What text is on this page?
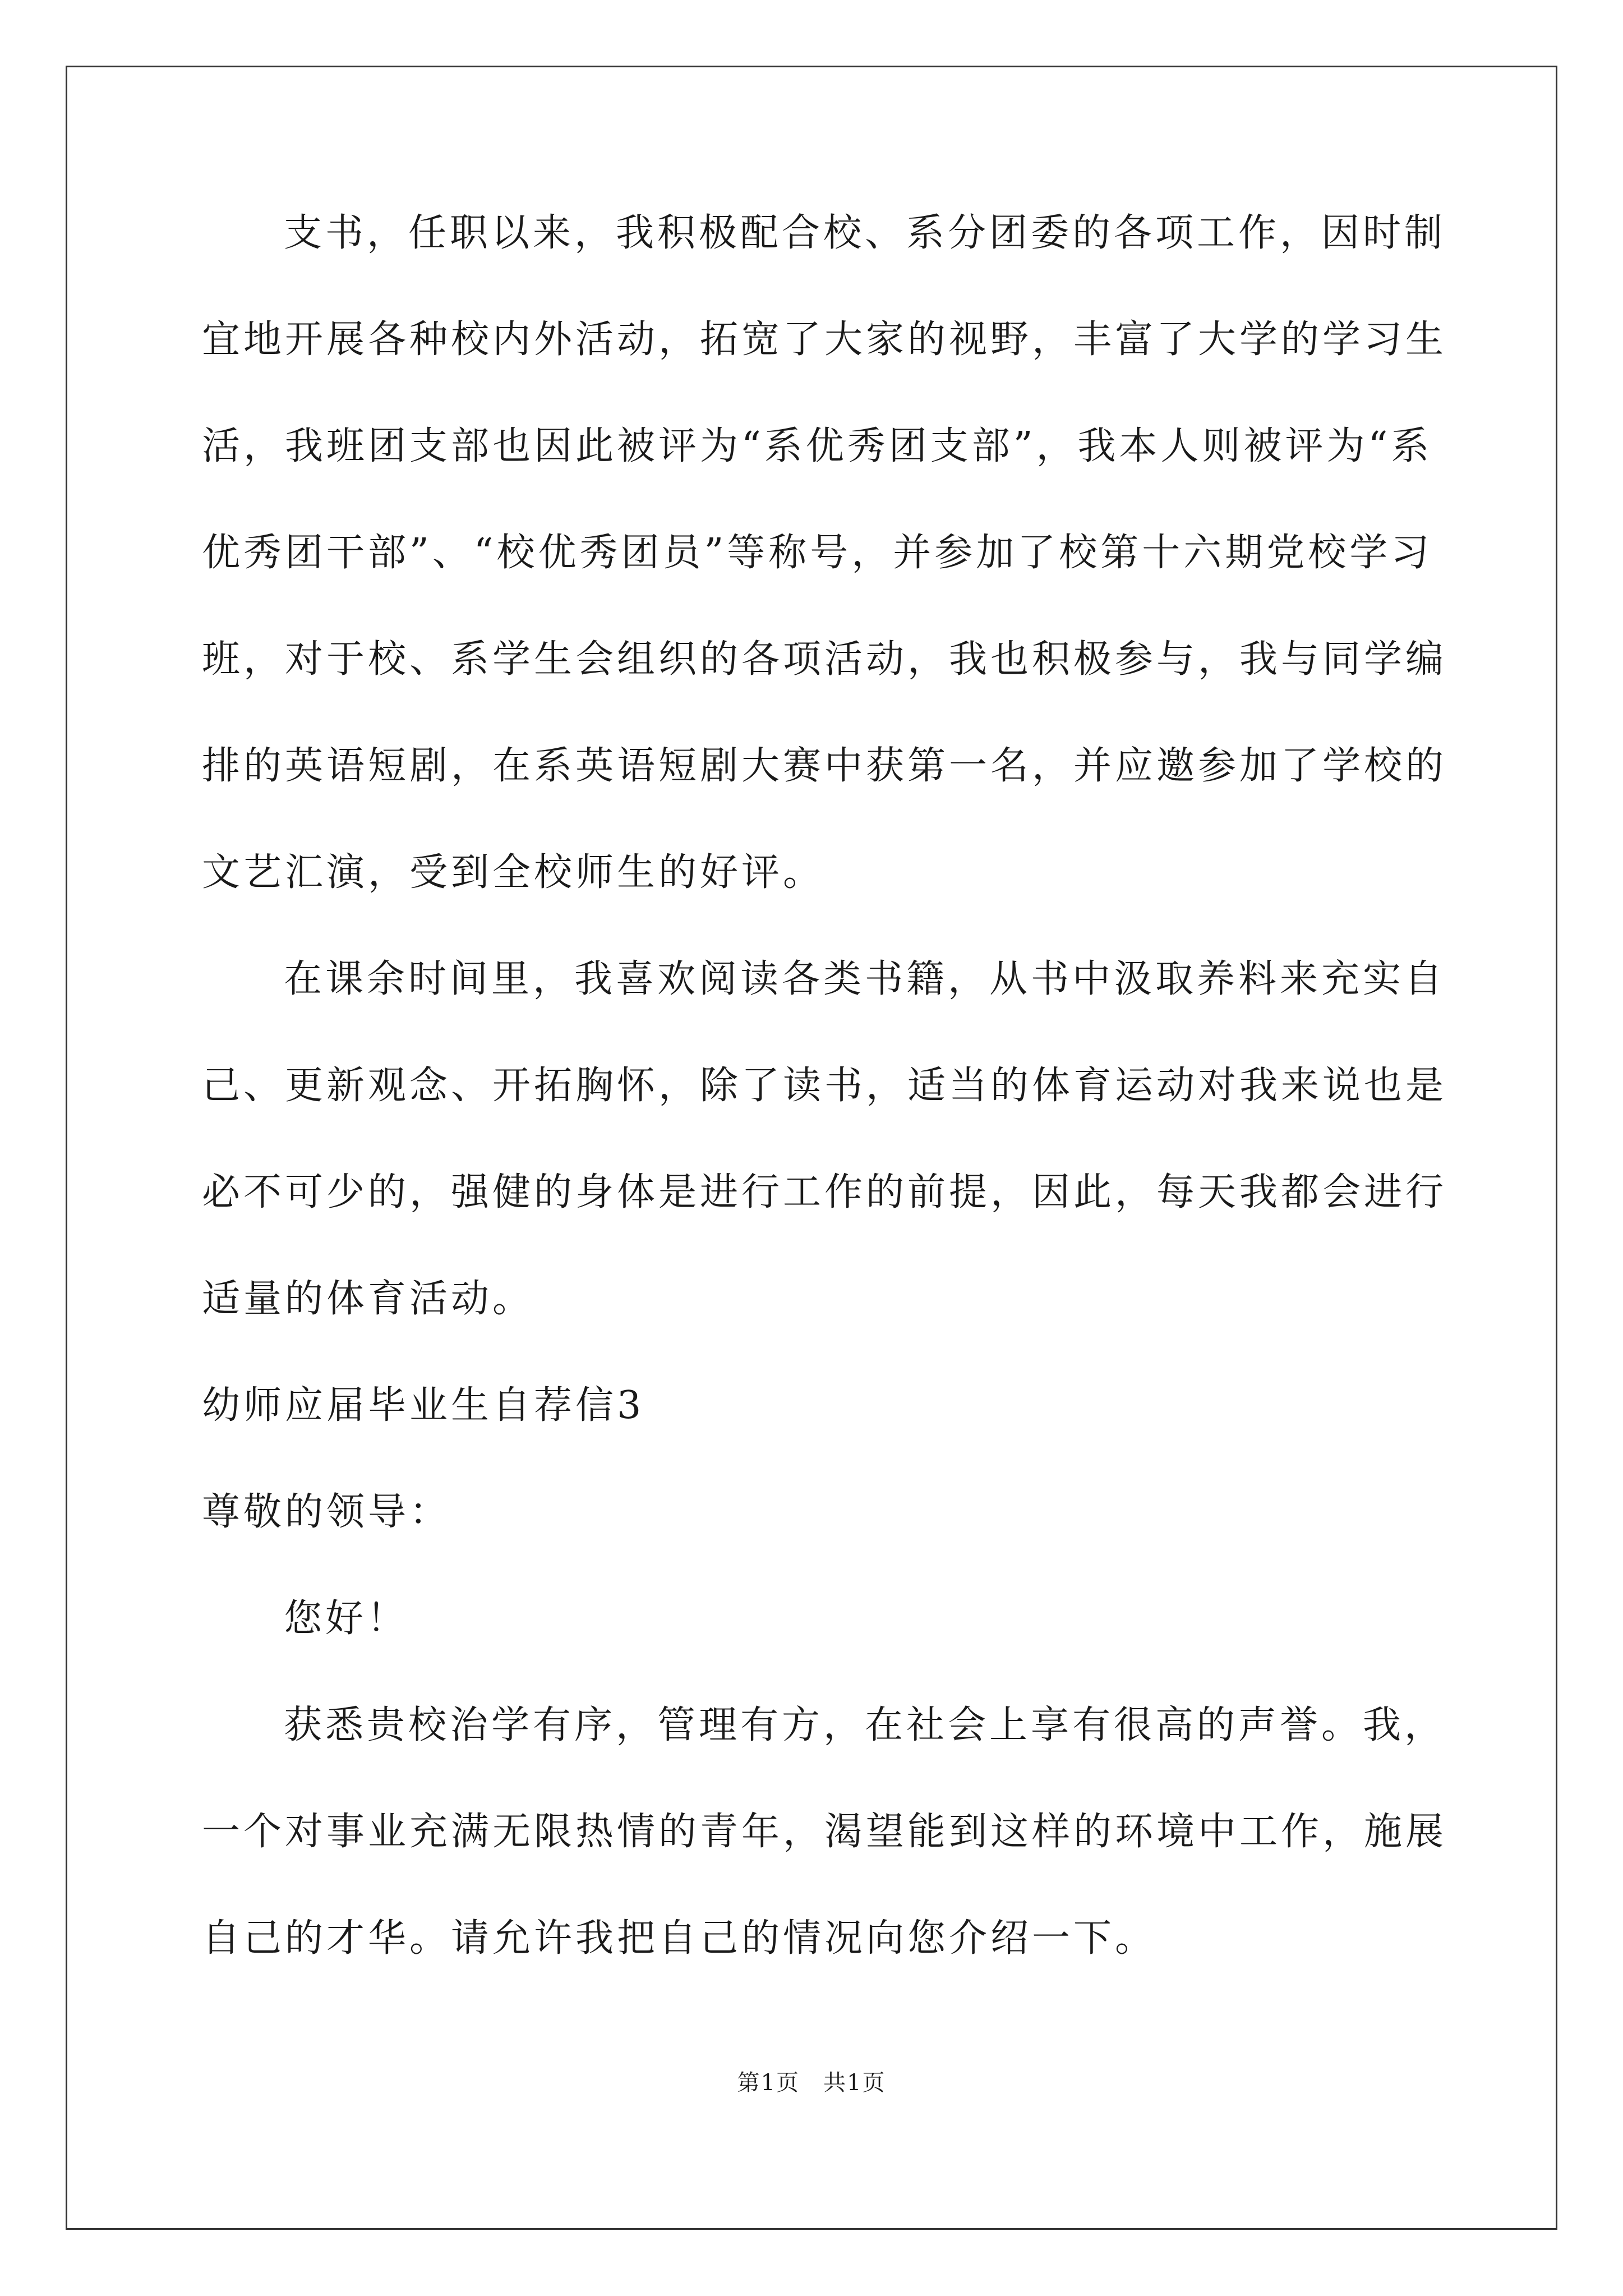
支书，任职以来，我积极配合校、系分团委的各项工作，因时制
宜地开展各种校内外活动，拓宽了大家的视野，丰富了大学的学习生
活，我班团支部也因此被评为“系优秀团支部”，我本人则被评为“系
优秀团干部”、“校优秀团员”等称号，并参加了校第十六期党校学习
班，对于校、系学生会组织的各项活动，我也积极参与，我与同学编
排的英语短剧，在系英语短剧大赛中获第一名，并应邀参加了学校的
文艺汇演，受到全校师生的好评。
在课余时间里，我喜欢阅读各类书籍，从书中汲取养料来充实自
己、更新观念、开拓胸怀，除了读书，适当的体育运动对我来说也是
必不可少的，强健的身体是进行工作的前提，因此，每天我都会进行
适量的体育活动。
幼师应届毕业生自荐信3
尊敬的领导：
您好！
获悉贵校治学有序，管理有方，在社会上享有很高的声誉。我，
一个对事业充满无限热情的青年，渴望能到这样的环境中工作，施展
自己的才华。请允许我把自己的情况向您介绍一下。
第1页　共1页
